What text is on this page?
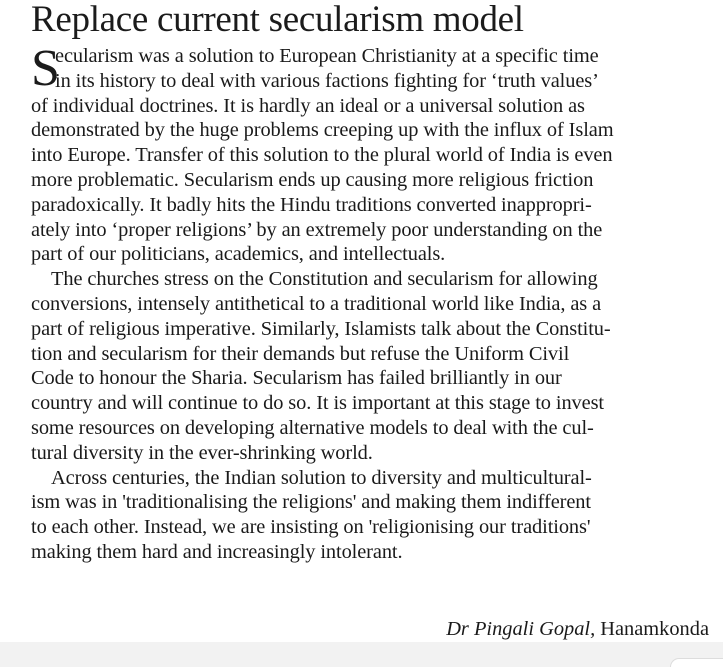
Replace current secularism model
S
ecularism was a solution to European Christianity at a specific time
in its history to deal with various factions fighting for ‘truth values’
of individual doctrines. It is hardly an ideal or a universal solution as
demonstrated by the huge problems creeping up with the influx of Islam
into Europe. Transfer of this solution to the plural world of India is even
more problematic. Secularism ends up causing more religious friction
paradoxically. It badly hits the Hindu traditions converted inappropri-
ately into ‘proper religions’ by an extremely poor understanding on the
part of our politicians, academics, and intellectuals.
The churches stress on the Constitution and secularism for allowing
conversions, intensely antithetical to a traditional world like India, as a
part of religious imperative. Similarly, Islamists talk about the Constitu-
tion and secularism for their demands but refuse the Uniform Civil
Code to honour the Sharia. Secularism has failed brilliantly in our
country and will continue to do so. It is important at this stage to invest
some resources on developing alternative models to deal with the cul-
tural diversity in the ever-shrinking world.
Across centuries, the Indian solution to diversity and multicultural-
ism was in 'traditionalising the religions' and making them indifferent
to each other. Instead, we are insisting on 'religionising our traditions'
making them hard and increasingly intolerant.
Dr Pingali Gopal, Hanamkonda
